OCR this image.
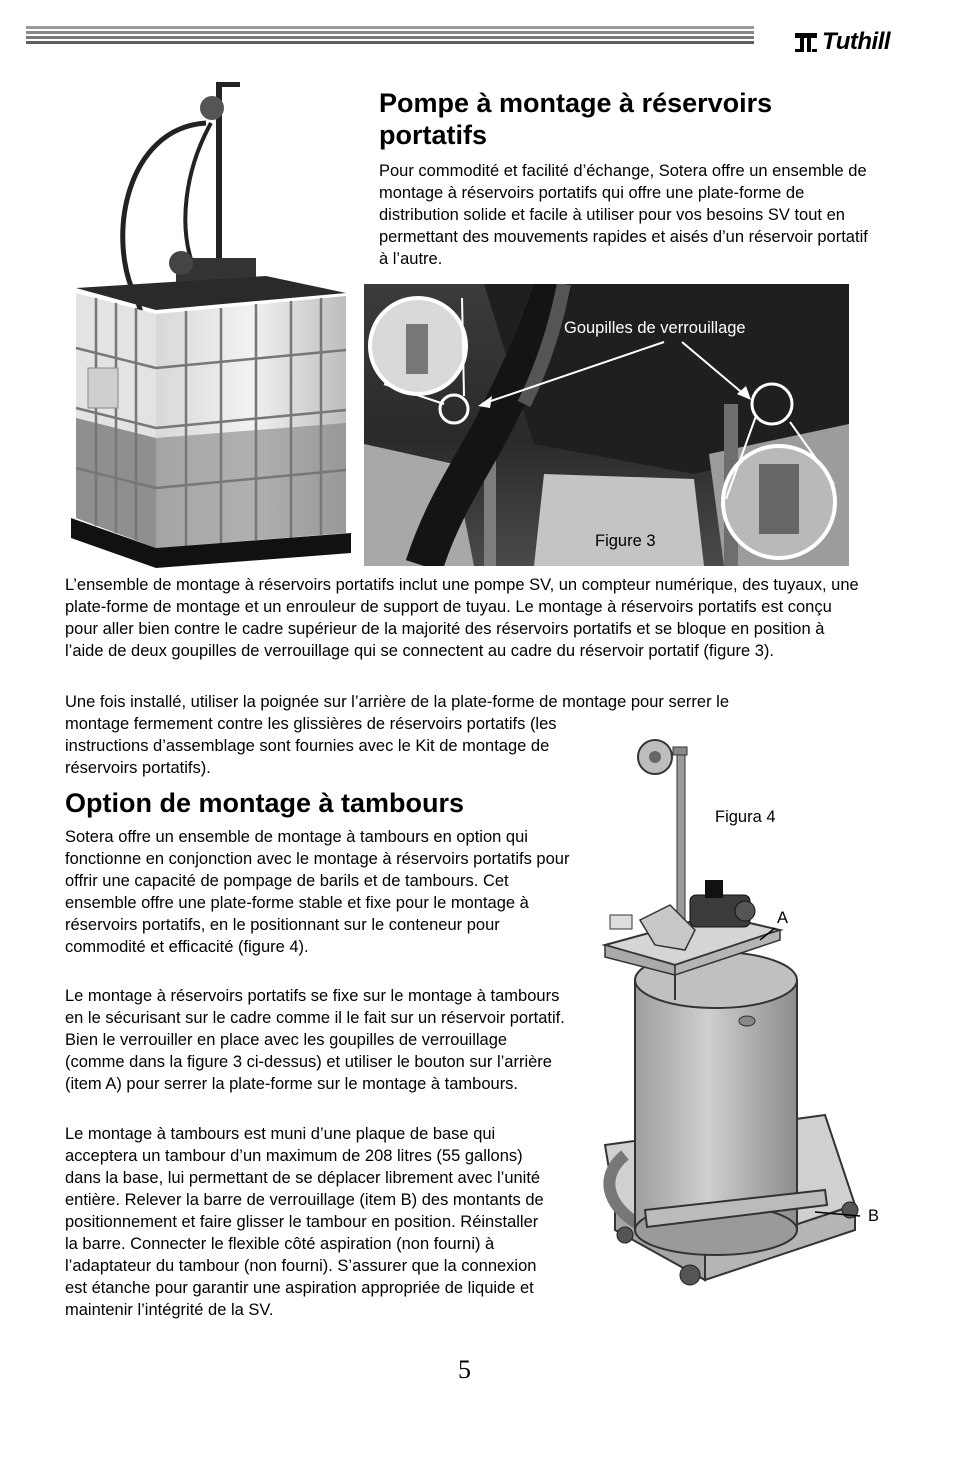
Tuthill
Pompe à montage à réservoirs portatifs
Pour commodité et facilité d’échange, Sotera offre un ensemble de montage à réservoirs portatifs qui offre une plate-forme de distribution solide et facile à utiliser pour vos besoins SV tout en permettant des mouvements rapides et aisés d’un réservoir portatif à l’autre.
Goupilles de verrouillage
Figure 3
L’ensemble de montage à réservoirs portatifs inclut une pompe SV, un compteur numérique, des tuyaux, une plate-forme de montage et un enrouleur de support de tuyau. Le montage à réservoirs portatifs est conçu pour aller bien contre le cadre supérieur de la majorité des réservoirs portatifs et se bloque en position à l’aide de deux goupilles de verrouillage qui se connectent au cadre du réservoir portatif (figure 3).
Une fois installé, utiliser la poignée sur l’arrière de la plate-forme de montage pour serrer le
montage fermement contre les glissières de réservoirs portatifs (les instructions d’assemblage sont fournies avec le Kit de montage de réservoirs portatifs).
Option de montage à tambours
Sotera offre un ensemble de montage à tambours en option qui fonctionne en conjonction avec le montage à réservoirs portatifs pour offrir une capacité de pompage de barils et de tambours. Cet ensemble offre une plate-forme stable et fixe pour le montage à réservoirs portatifs, en le positionnant sur le conteneur pour commodité et efficacité (figure 4).
Le montage à réservoirs portatifs se fixe sur le montage à tambours en le sécurisant sur le cadre comme il le fait sur un réservoir portatif. Bien le verrouiller en place avec les goupilles de verrouillage (comme dans la figure 3 ci-dessus) et utiliser le bouton sur l’arrière (item A) pour serrer la plate-forme sur le montage à tambours.
Le montage à tambours est muni d’une plaque de base qui acceptera un tambour d’un maximum de 208 litres (55 gallons) dans la base, lui permettant de se déplacer librement avec l’unité entière. Relever la barre de verrouillage (item B) des montants de positionnement et faire glisser le tambour en position. Réinstaller la barre. Connecter le flexible côté aspiration (non fourni) à l’adaptateur du tambour (non fourni). S’assurer que la connexion est étanche pour garantir une aspiration appropriée de liquide et maintenir l’intégrité de la SV.
Figura 4
A
B
5
